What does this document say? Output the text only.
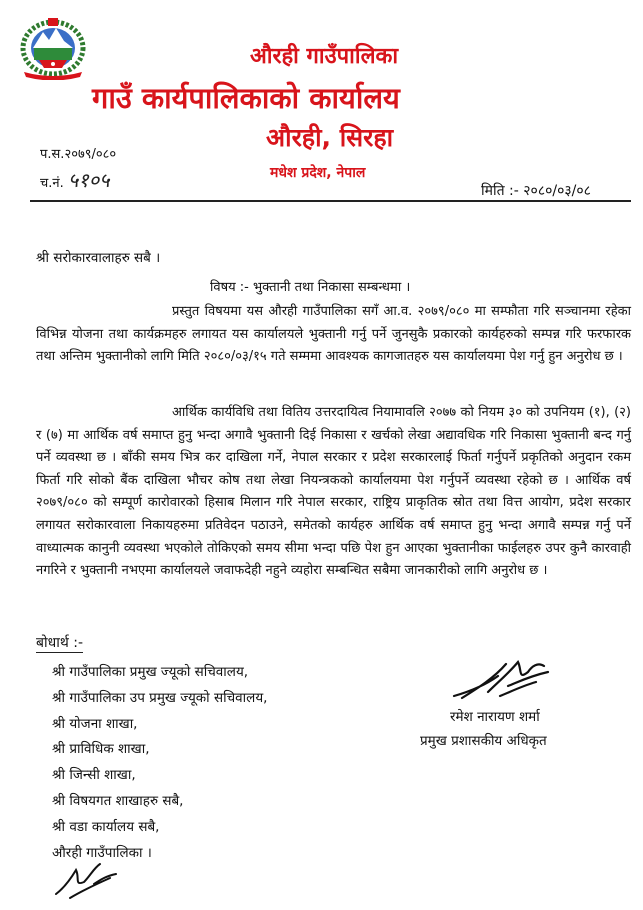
औरही गाउँपालिका
गाउँ कार्यपालिकाको कार्यालय
औरही, सिरहा
प.स.२०७९/०८०
च.नं. ५१०५	मधेश प्रदेश, नेपाल
मिति :- २०८०/०३/०८
श्री सरोकारवालाहरु सबै ।
विषय :- भुक्तानी तथा निकासा सम्बन्धमा ।
प्रस्तुत विषयमा यस औरही गाउँपालिका सगँ आ.व. २०७९/०८० मा सम्फौता गरि सञ्चानमा रहेका विभिन्न योजना तथा कार्यक्रमहरु लगायत यस कार्यालयले भुक्तानी गर्नु पर्ने जुनसुकै प्रकारको कार्यहरुको सम्पन्न गरि फरफारक तथा अन्तिम भुक्तानीको लागि मिति २०८०/०३/१५ गते सम्ममा आवश्यक कागजातहरु यस कार्यालयमा पेश गर्नु हुन अनुरोध छ ।
आर्थिक कार्यविधि तथा वितिय उत्तरदायित्व नियामावलि २०७७ को नियम ३० को उपनियम (१), (२) र (७) मा आर्थिक वर्ष समाप्त हुनु भन्दा अगावै भुक्तानी दिई निकासा र खर्चको लेखा अद्यावधिक गरि निकासा भुक्तानी बन्द गर्नु पर्ने व्यवस्था छ । बाँकी समय भित्र कर दाखिला गर्ने, नेपाल सरकार र प्रदेश सरकारलाई फिर्ता गर्नुपर्ने प्रकृतिको अनुदान रकम फिर्ता गरि सोको बैंक दाखिला भौचर कोष तथा लेखा नियन्त्रकको कार्यालयमा पेश गर्नुपर्ने व्यवस्था रहेको छ । आर्थिक वर्ष २०७९/०८० को सम्पूर्ण कारोवारको हिसाब मिलान गरि नेपाल सरकार, राष्ट्रिय प्राकृतिक स्रोत तथा वित्त आयोग, प्रदेश सरकार लगायत सरोकारवाला निकायहरुमा प्रतिवेदन पठाउने, समेतको कार्यहरु आर्थिक वर्ष समाप्त हुनु भन्दा अगावै सम्पन्न गर्नु पर्ने वाध्यात्मक कानुनी व्यवस्था भएकोले तोकिएको समय सीमा भन्दा पछि पेश हुन आएका भुक्तानीका फाईलहरु उपर कुनै कारवाही नगरिने र भुक्तानी नभएमा कार्यालयले जवाफदेही नहुने व्यहोरा सम्बन्धित सबैमा जानकारीको लागि अनुरोध छ ।
बोधार्थ :-
श्री गाउँपालिका प्रमुख ज्यूको सचिवालय,
श्री गाउँपालिका उप प्रमुख ज्यूको सचिवालय,
श्री योजना शाखा,
श्री प्राविधिक शाखा,
श्री जिन्सी शाखा,
श्री विषयगत शाखाहरु सबै,
श्री वडा कार्यालय सबै,
औरही गाउँपालिका ।
रमेश नारायण शर्मा
प्रमुख प्रशासकीय अधिकृत
